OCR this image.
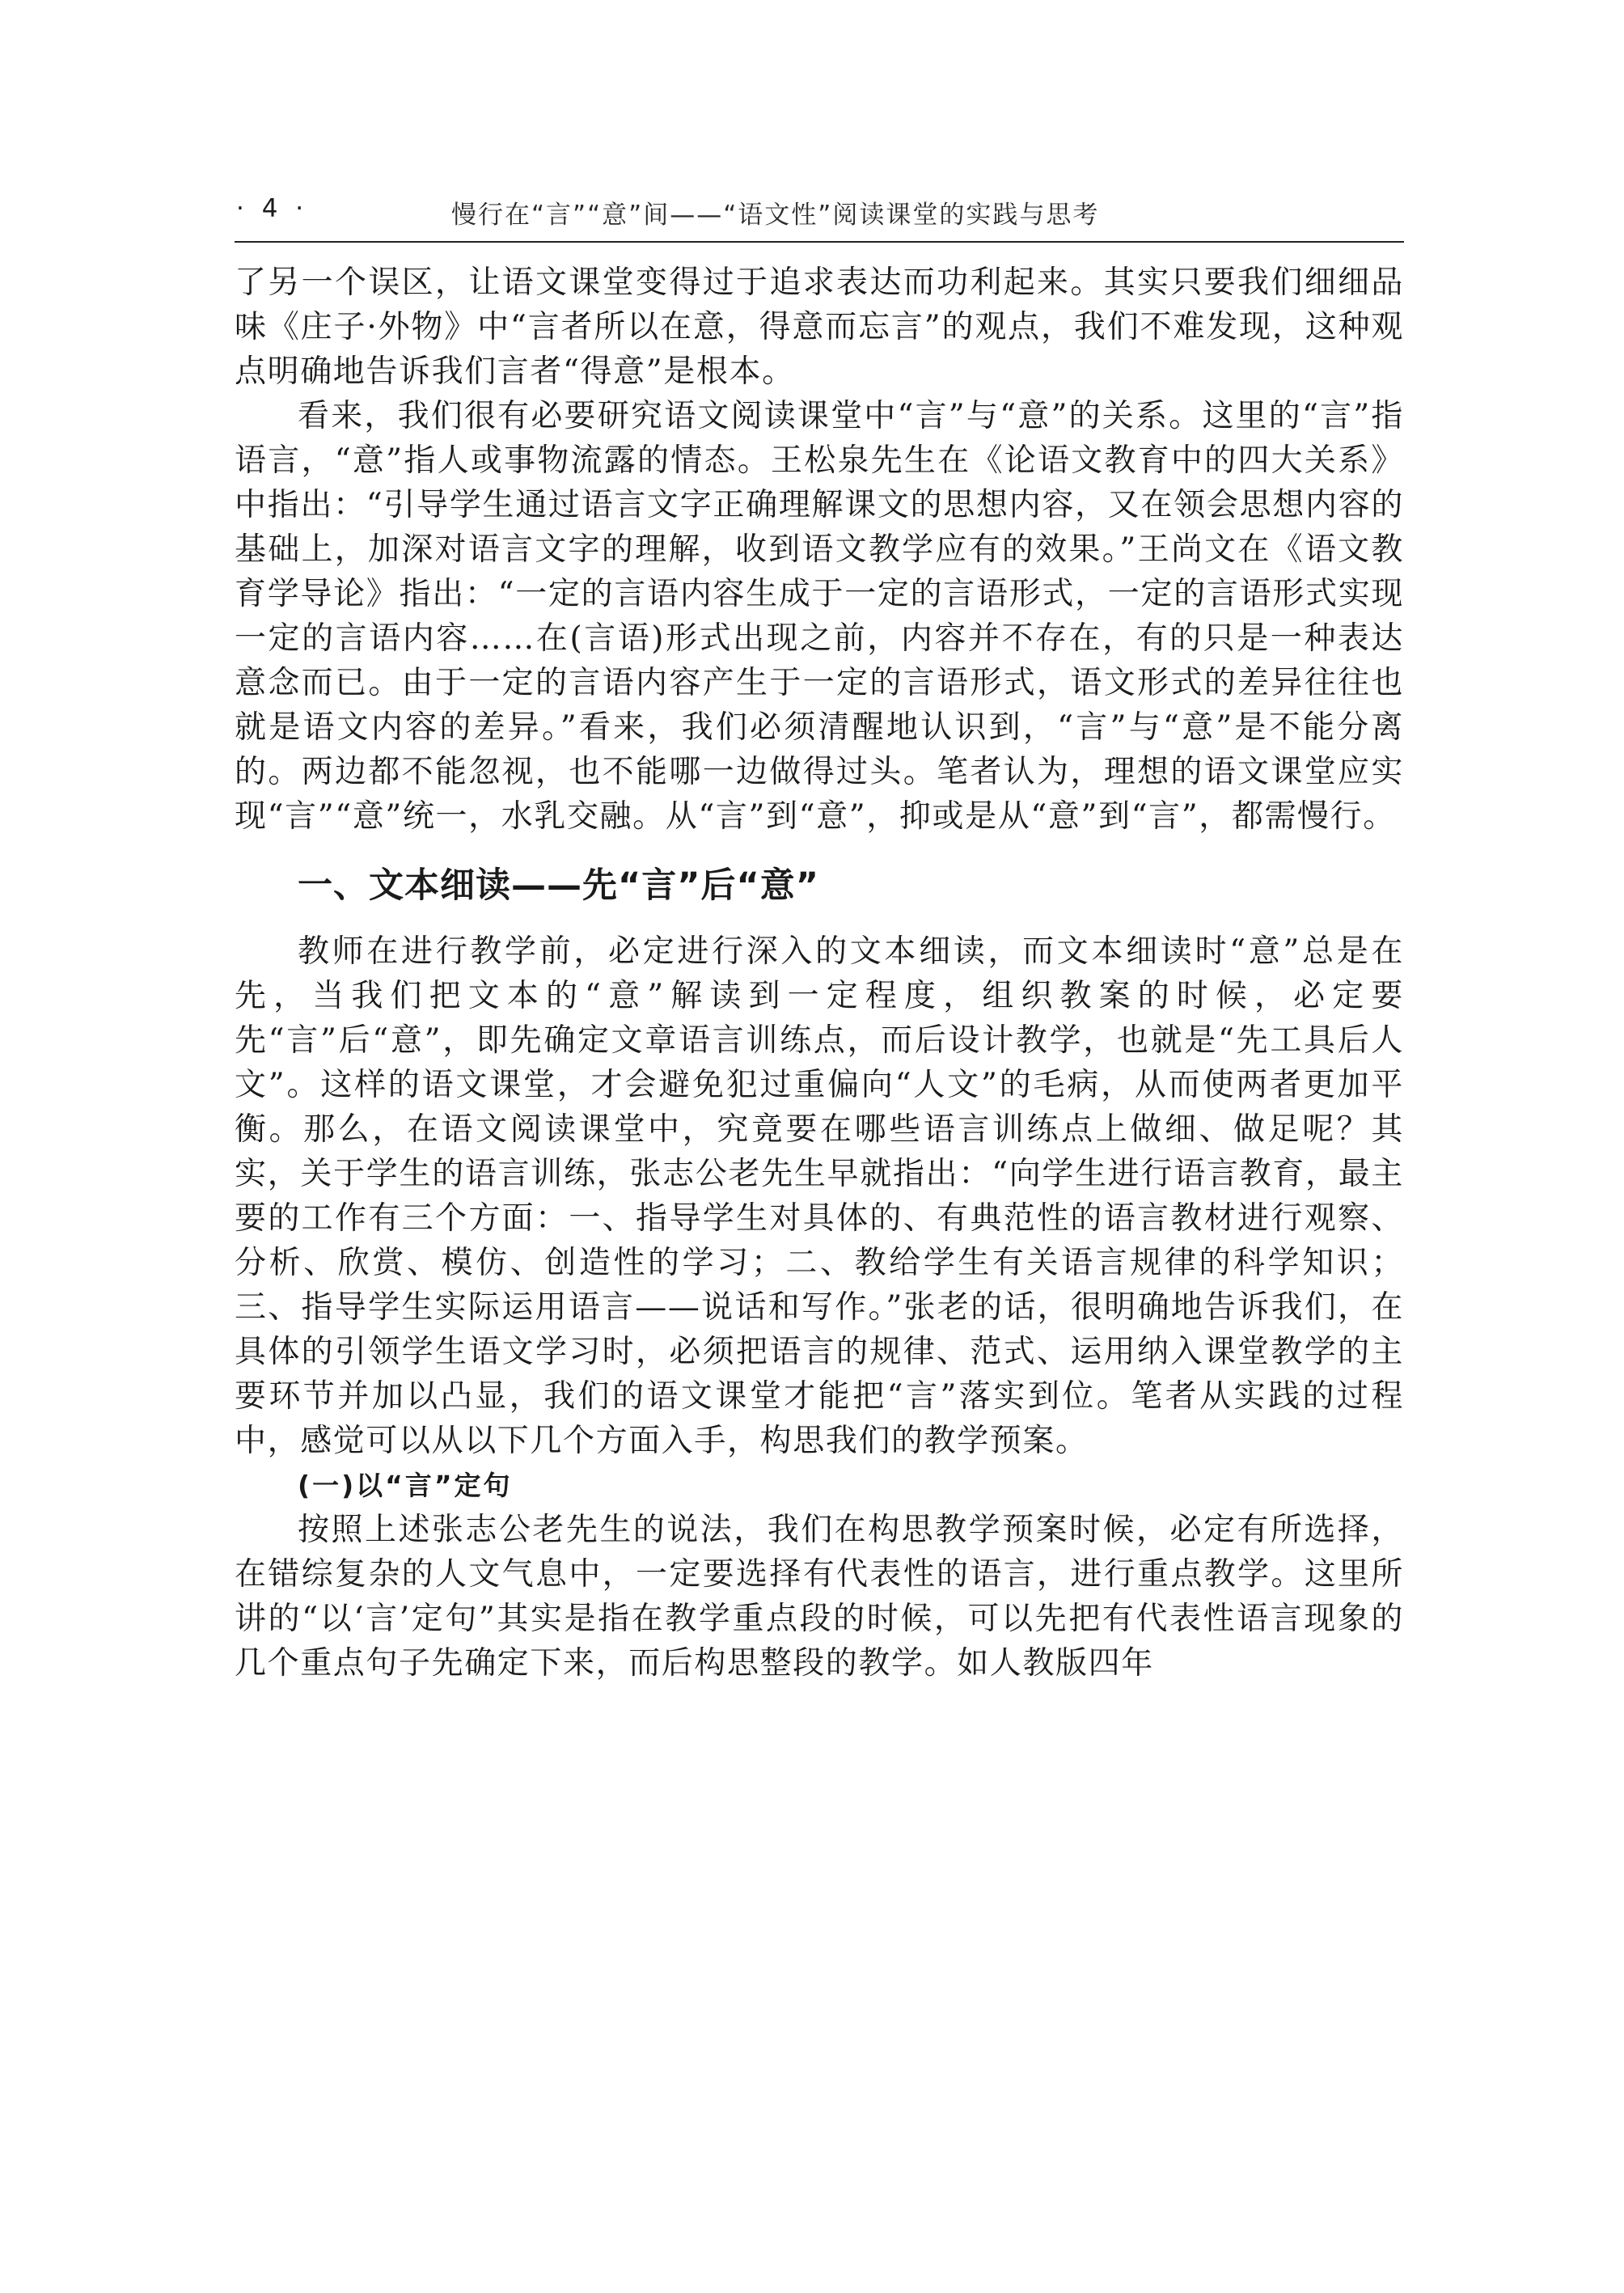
· 4 ·	慢行在“言”“意”间——“语文性”阅读课堂的实践与思考

了另一个误区，让语文课堂变得过于追求表达而功利起来。其实只要我们细细品味《庄子·外物》中“言者所以在意，得意而忘言”的观点，我们不难发现，这种观点明确地告诉我们言者“得意”是根本。

看来，我们很有必要研究语文阅读课堂中“言”与“意”的关系。这里的“言”指语言，“意”指人或事物流露的情态。王松泉先生在《论语文教育中的四大关系》中指出：“引导学生通过语言文字正确理解课文的思想内容，又在领会思想内容的基础上，加深对语言文字的理解，收到语文教学应有的效果。”王尚文在《语文教育学导论》指出：“一定的言语内容生成于一定的言语形式，一定的言语形式实现一定的言语内容……在(言语)形式出现之前，内容并不存在，有的只是一种表达意念而已。由于一定的言语内容产生于一定的言语形式，语文形式的差异往往也就是语文内容的差异。”看来，我们必须清醒地认识到，“言”与“意”是不能分离的。两边都不能忽视，也不能哪一边做得过头。笔者认为，理想的语文课堂应实现“言”“意”统一，水乳交融。从“言”到“意”，抑或是从“意”到“言”，都需慢行。

一、文本细读——先“言”后“意”

教师在进行教学前，必定进行深入的文本细读，而文本细读时“意”总是在先，当我们把文本的“意”解读到一定程度，组织教案的时候，必定要先“言”后“意”，即先确定文章语言训练点，而后设计教学，也就是“先工具后人文”。这样的语文课堂，才会避免犯过重偏向“人文”的毛病，从而使两者更加平衡。那么，在语文阅读课堂中，究竟要在哪些语言训练点上做细、做足呢？其实，关于学生的语言训练，张志公老先生早就指出：“向学生进行语言教育，最主要的工作有三个方面：一、指导学生对具体的、有典范性的语言教材进行观察、分析、欣赏、模仿、创造性的学习；二、教给学生有关语言规律的科学知识；三、指导学生实际运用语言——说话和写作。”张老的话，很明确地告诉我们，在具体的引领学生语文学习时，必须把语言的规律、范式、运用纳入课堂教学的主要环节并加以凸显，我们的语文课堂才能把“言”落实到位。笔者从实践的过程中，感觉可以从以下几个方面入手，构思我们的教学预案。

(一)以“言”定句

按照上述张志公老先生的说法，我们在构思教学预案时候，必定有所选择，在错综复杂的人文气息中，一定要选择有代表性的语言，进行重点教学。这里所讲的“以‘言’定句”其实是指在教学重点段的时候，可以先把有代表性语言现象的几个重点句子先确定下来，而后构思整段的教学。如人教版四年
